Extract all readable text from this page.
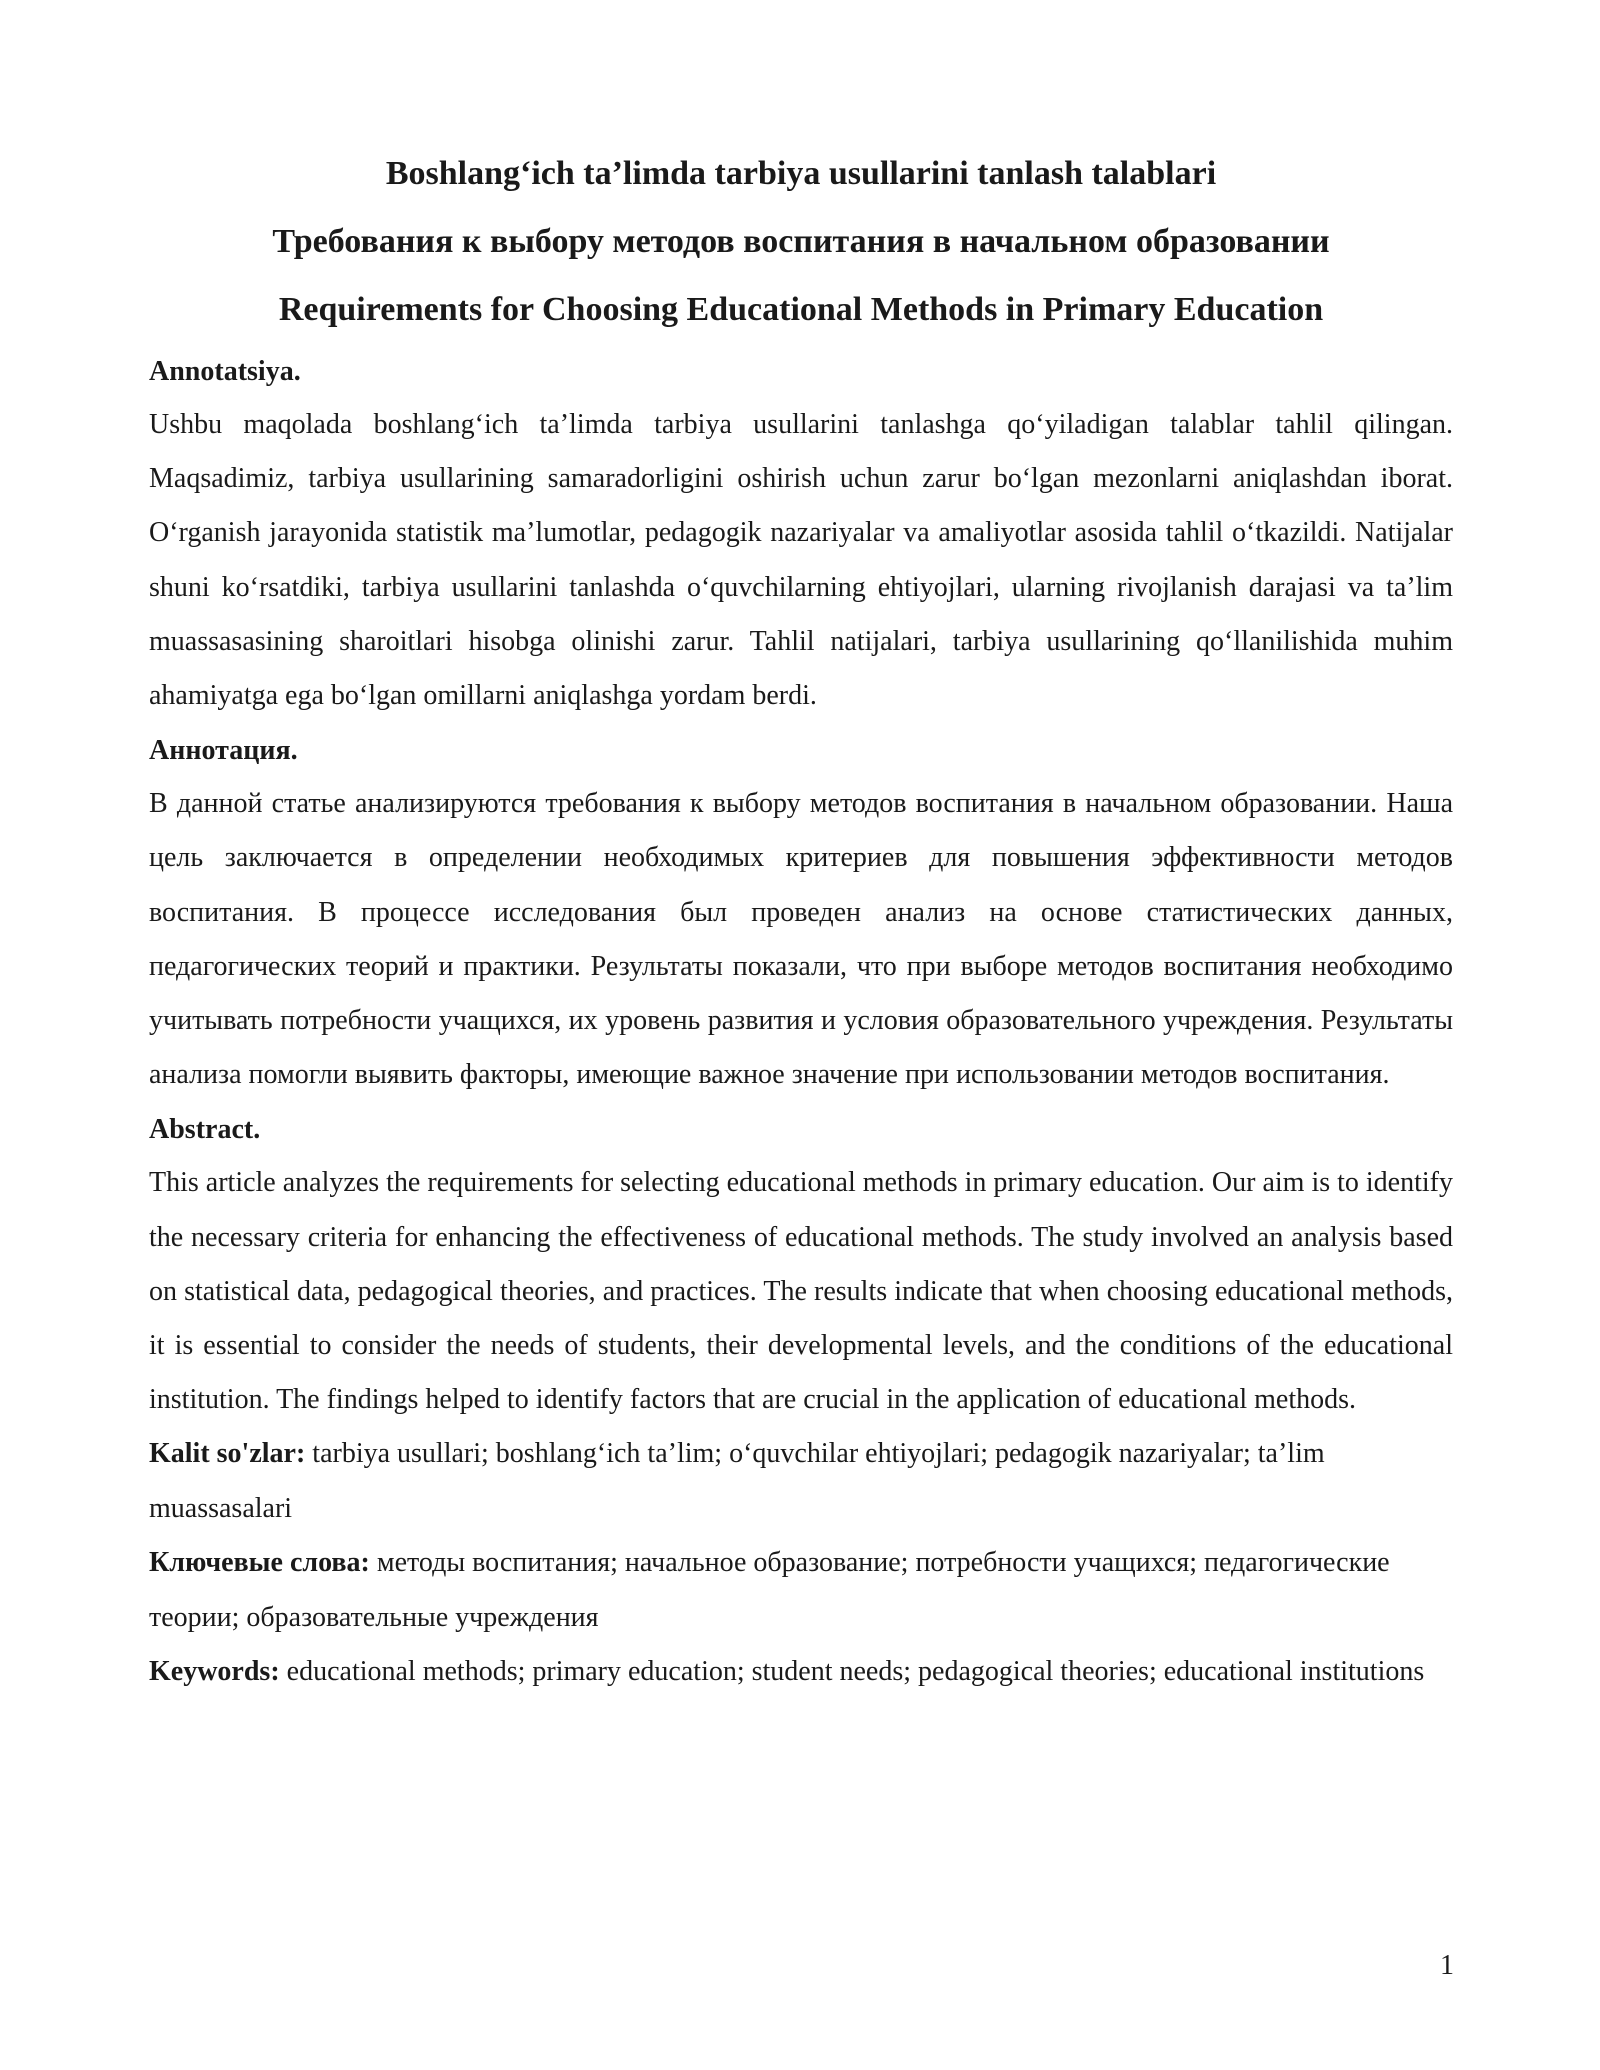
Boshlang‘ich ta’limda tarbiya usullarini tanlash talablari
Требования к выбору методов воспитания в начальном образовании
Requirements for Choosing Educational Methods in Primary Education
Annotatsiya.

Ushbu maqolada boshlang‘ich ta’limda tarbiya usullarini tanlashga qo‘yiladigan talablar tahlil qilingan. Maqsadimiz, tarbiya usullarining samaradorligini oshirish uchun zarur bo‘lgan mezonlarni aniqlashdan iborat. O‘rganish jarayonida statistik ma’lumotlar, pedagogik nazariyalar va amaliyotlar asosida tahlil o‘tkazildi. Natijalar shuni ko‘rsatdiki, tarbiya usullarini tanlashda o‘quvchilarning ehtiyojlari, ularning rivojlanish darajasi va ta’lim muassasasining sharoitlari hisobga olinishi zarur. Tahlil natijalari, tarbiya usullarining qo‘llanilishida muhim ahamiyatga ega bo‘lgan omillarni aniqlashga yordam berdi.

Аннотация.

В данной статье анализируются требования к выбору методов воспитания в начальном образовании. Наша цель заключается в определении необходимых критериев для повышения эффективности методов воспитания. В процессе исследования был проведен анализ на основе статистических данных, педагогических теорий и практики. Результаты показали, что при выборе методов воспитания необходимо учитывать потребности учащихся, их уровень развития и условия образовательного учреждения. Результаты анализа помогли выявить факторы, имеющие важное значение при использовании методов воспитания.

Abstract.

This article analyzes the requirements for selecting educational methods in primary education. Our aim is to identify the necessary criteria for enhancing the effectiveness of educational methods. The study involved an analysis based on statistical data, pedagogical theories, and practices. The results indicate that when choosing educational methods, it is essential to consider the needs of students, their developmental levels, and the conditions of the educational institution. The findings helped to identify factors that are crucial in the application of educational methods.

Kalit so'zlar: tarbiya usullari; boshlang‘ich ta’lim; o‘quvchilar ehtiyojlari; pedagogik nazariyalar; ta’lim muassasalari

Ключевые слова: методы воспитания; начальное образование; потребности учащихся; педагогические теории; образовательные учреждения

Keywords: educational methods; primary education; student needs; pedagogical theories; educational institutions

1
